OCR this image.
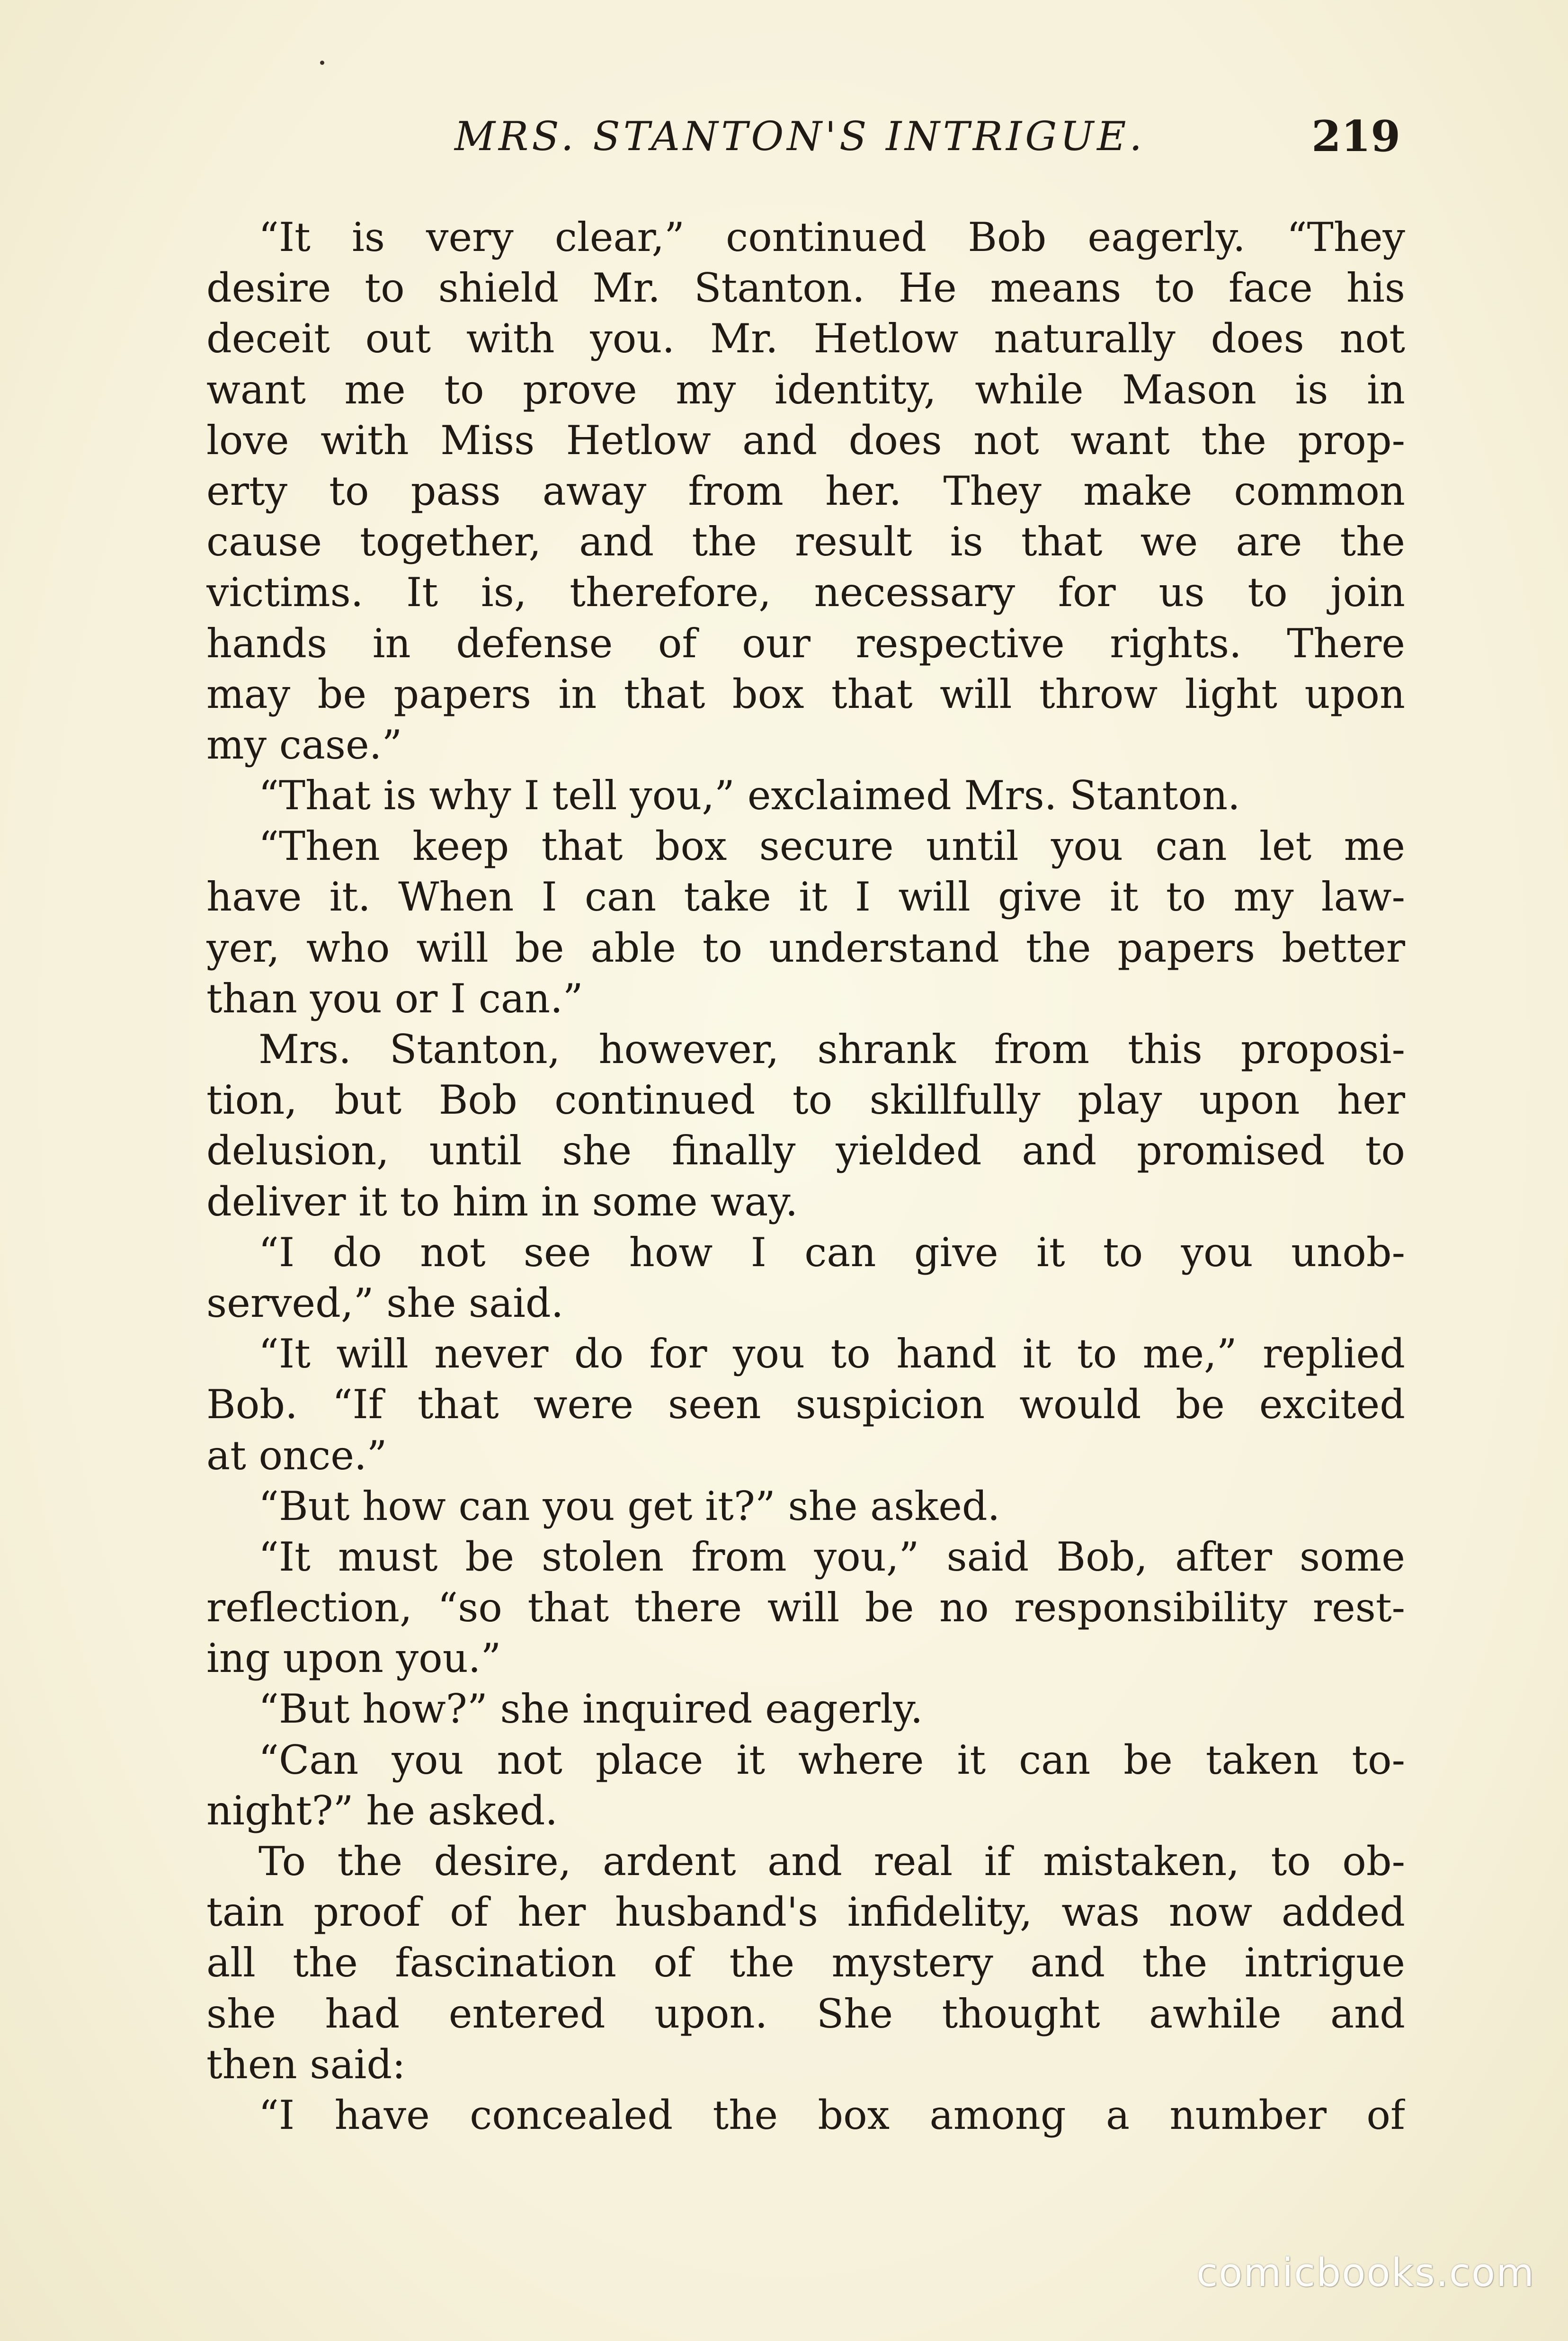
MRS. STANTON'S INTRIGUE.	219
“It is very clear,” continued Bob eagerly. “They
desire to shield Mr. Stanton. He means to face his
deceit out with you. Mr. Hetlow naturally does not
want me to prove my identity, while Mason is in
love with Miss Hetlow and does not want the prop-
erty to pass away from her. They make common
cause together, and the result is that we are the
victims. It is, therefore, necessary for us to join
hands in defense of our respective rights. There
may be papers in that box that will throw light upon
my case.”
“That is why I tell you,” exclaimed Mrs. Stanton.
“Then keep that box secure until you can let me
have it. When I can take it I will give it to my law-
yer, who will be able to understand the papers better
than you or I can.”
Mrs. Stanton, however, shrank from this proposi-
tion, but Bob continued to skillfully play upon her
delusion, until she finally yielded and promised to
deliver it to him in some way.
“I do not see how I can give it to you unob-
served,” she said.
“It will never do for you to hand it to me,” replied
Bob. “If that were seen suspicion would be excited
at once.”
“But how can you get it?” she asked.
“It must be stolen from you,” said Bob, after some
reflection, “so that there will be no responsibility rest-
ing upon you.”
“But how?” she inquired eagerly.
“Can you not place it where it can be taken to-
night?” he asked.
To the desire, ardent and real if mistaken, to ob-
tain proof of her husband's infidelity, was now added
all the fascination of the mystery and the intrigue
she had entered upon. She thought awhile and
then said:
“I have concealed the box among a number of
comicbooks.com
